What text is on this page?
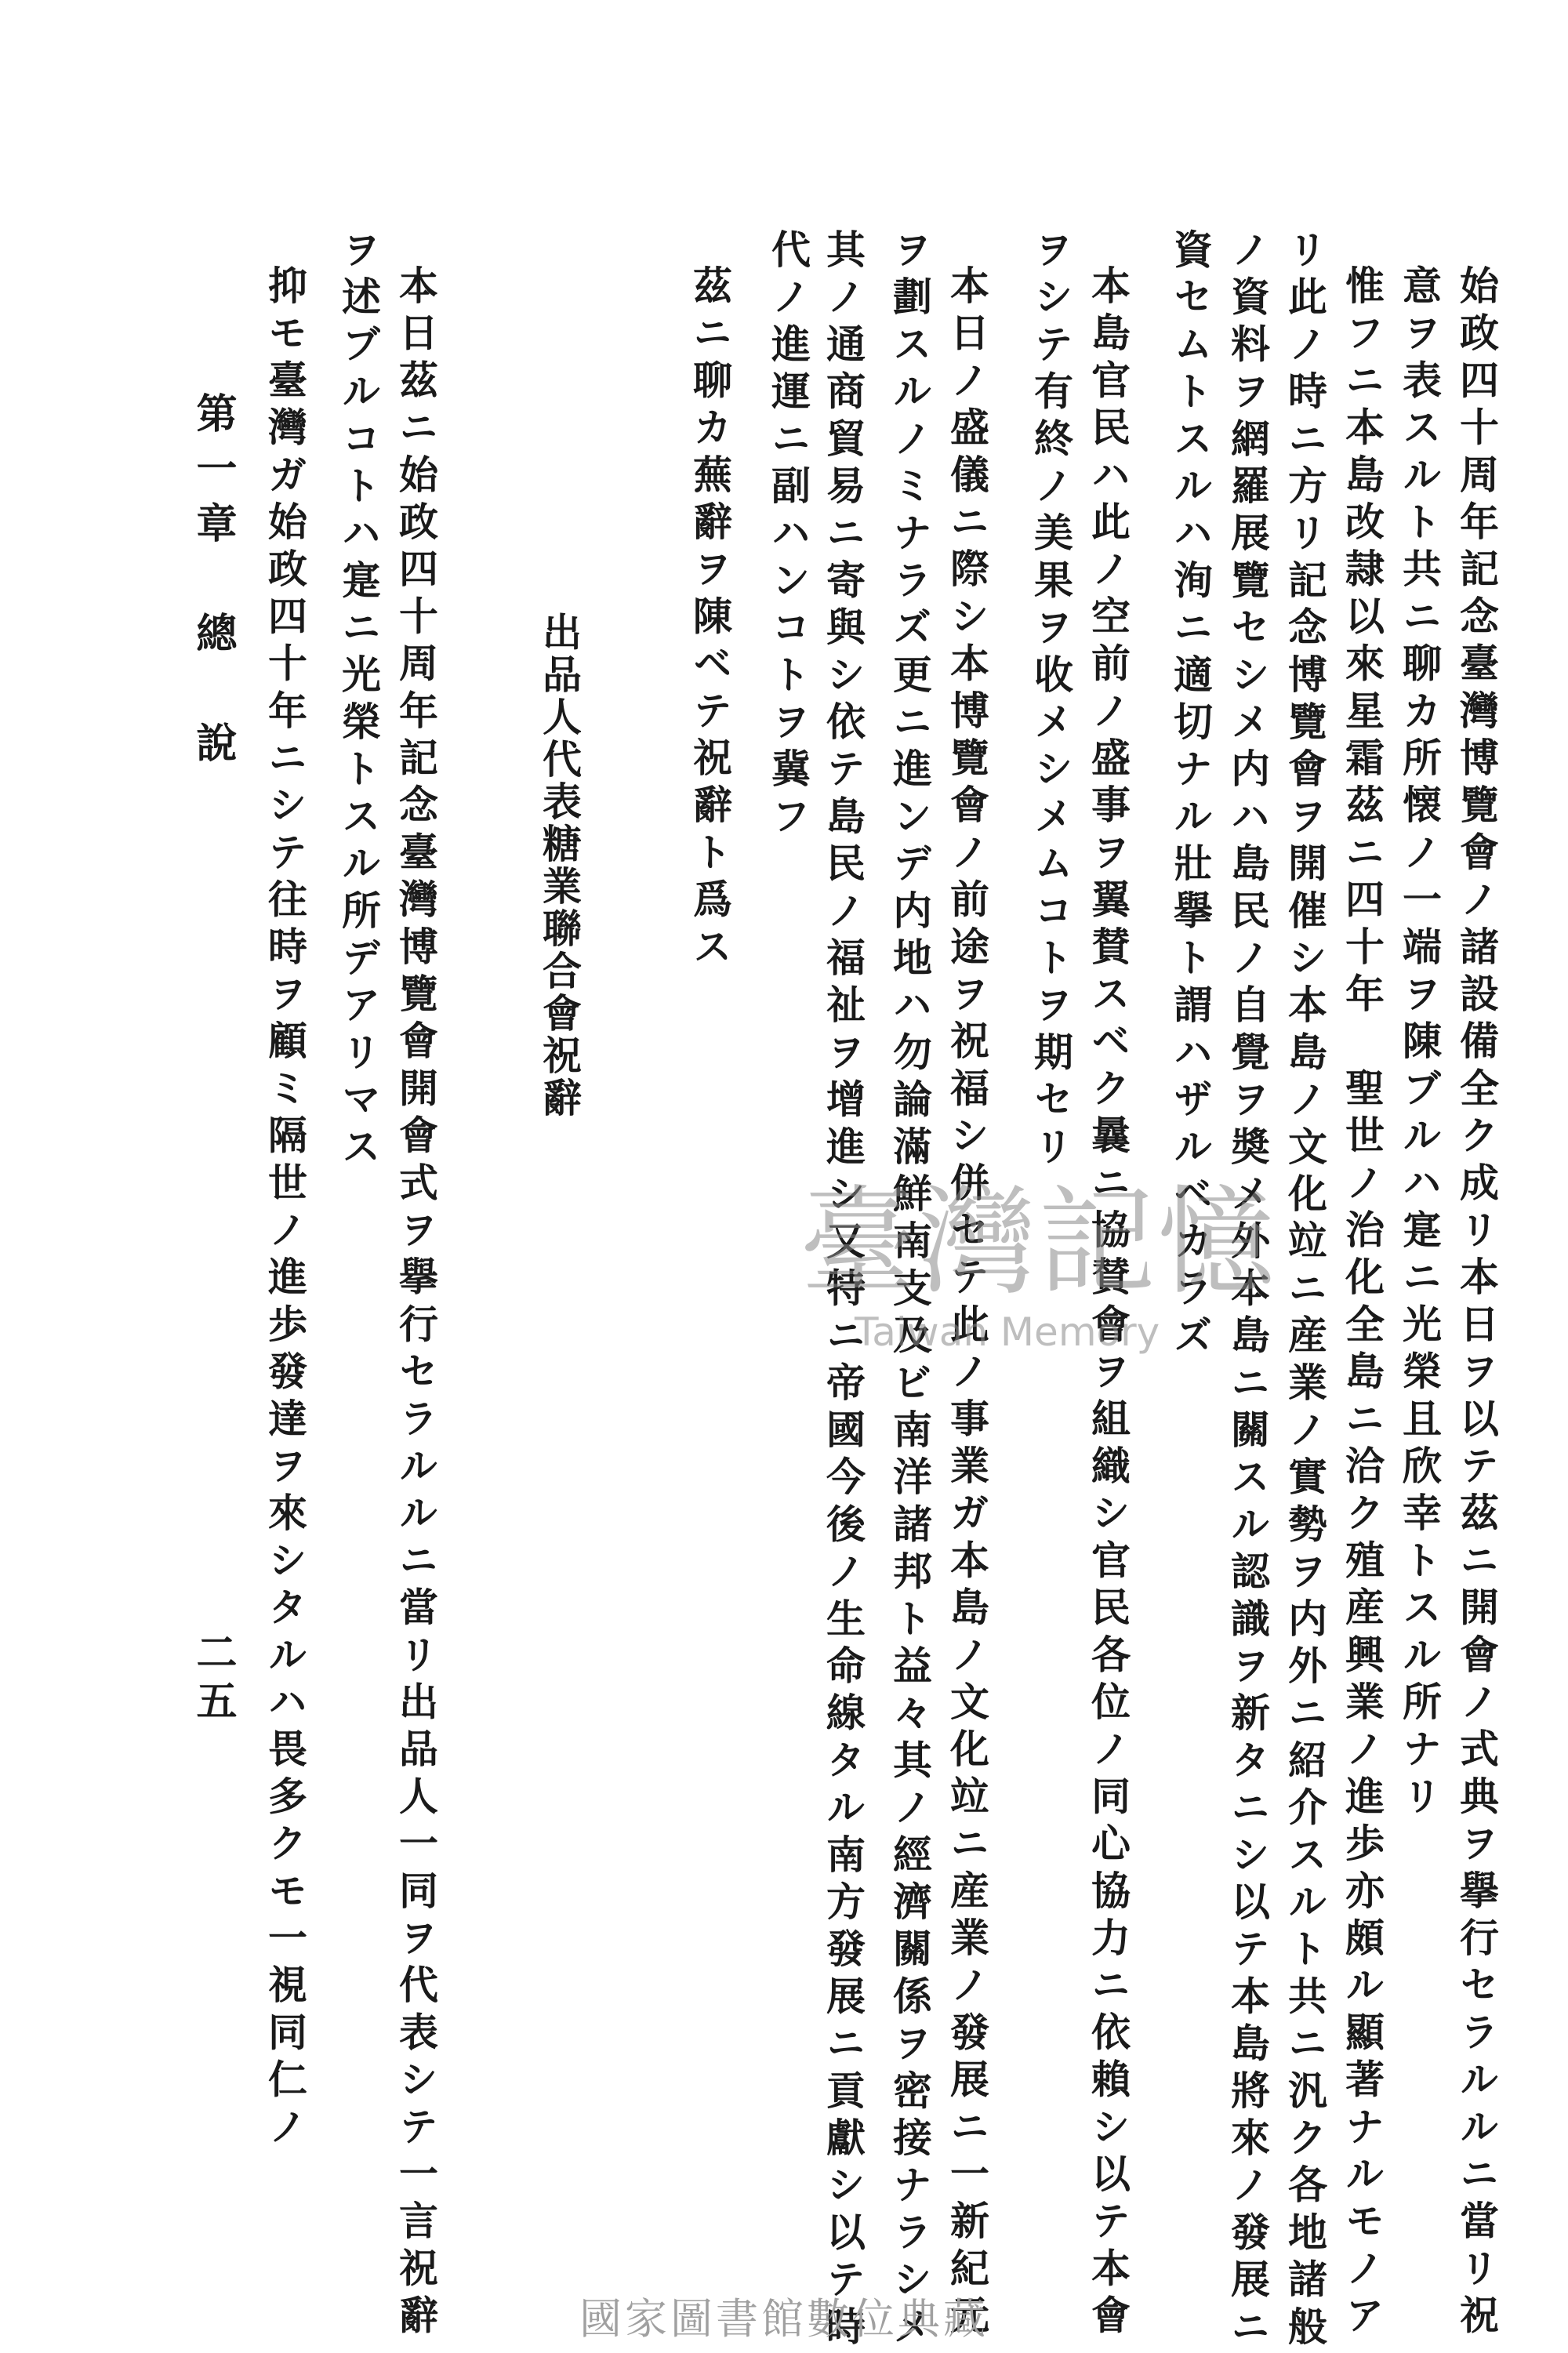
始政四十周年記念臺灣博覽會ノ諸設備全ク成リ本日ヲ以テ茲ニ開會ノ式典ヲ擧行セラルルニ當リ祝
意ヲ表スルト共ニ聊カ所懐ノ一端ヲ陳ブルハ寔ニ光榮且欣幸トスル所ナリ
惟フニ本島改隷以來星霜茲ニ四十年　聖世ノ治化全島ニ洽ク殖産興業ノ進歩亦頗ル顯著ナルモノア
リ此ノ時ニ方リ記念博覽會ヲ開催シ本島ノ文化竝ニ産業ノ實勢ヲ内外ニ紹介スルト共ニ汎ク各地諸般
ノ資料ヲ網羅展覽セシメ内ハ島民ノ自覺ヲ奬メ外本島ニ關スル認識ヲ新タニシ以テ本島將來ノ發展ニ
資セムトスルハ洵ニ適切ナル壯擧ト謂ハザルベカラズ
本島官民ハ此ノ空前ノ盛事ヲ翼賛スベク曩ニ協賛會ヲ組織シ官民各位ノ同心協力ニ依賴シ以テ本會
ヲシテ有終ノ美果ヲ收メシメムコトヲ期セリ
本日ノ盛儀ニ際シ本博覽會ノ前途ヲ祝福シ併セテ此ノ事業ガ本島ノ文化竝ニ産業ノ發展ニ一新紀元
ヲ劃スルノミナラズ更ニ進ンデ内地ハ勿論滿鮮南支及ビ南洋諸邦ト益々其ノ經濟關係ヲ密接ナラシメ
其ノ通商貿易ニ寄與シ依テ島民ノ福祉ヲ增進シ又特ニ帝國今後ノ生命線タル南方發展ニ貢獻シ以テ時
代ノ進運ニ副ハンコトヲ冀フ
茲ニ聊カ蕪辭ヲ陳ベテ祝辭ト爲ス
出品人代表糖業聯合會祝辭
本日茲ニ始政四十周年記念臺灣博覽會開會式ヲ擧行セラルルニ當リ出品人一同ヲ代表シテ一言祝辭
ヲ述ブルコトハ寔ニ光榮トスル所デアリマス
抑モ臺灣ガ始政四十年ニシテ往時ヲ顧ミ隔世ノ進歩發達ヲ來シタルハ畏多クモ一視同仁ノ
第一章　總　說
二五
臺灣記憶
Taiwan Memory
國家圖書館數位典藏
